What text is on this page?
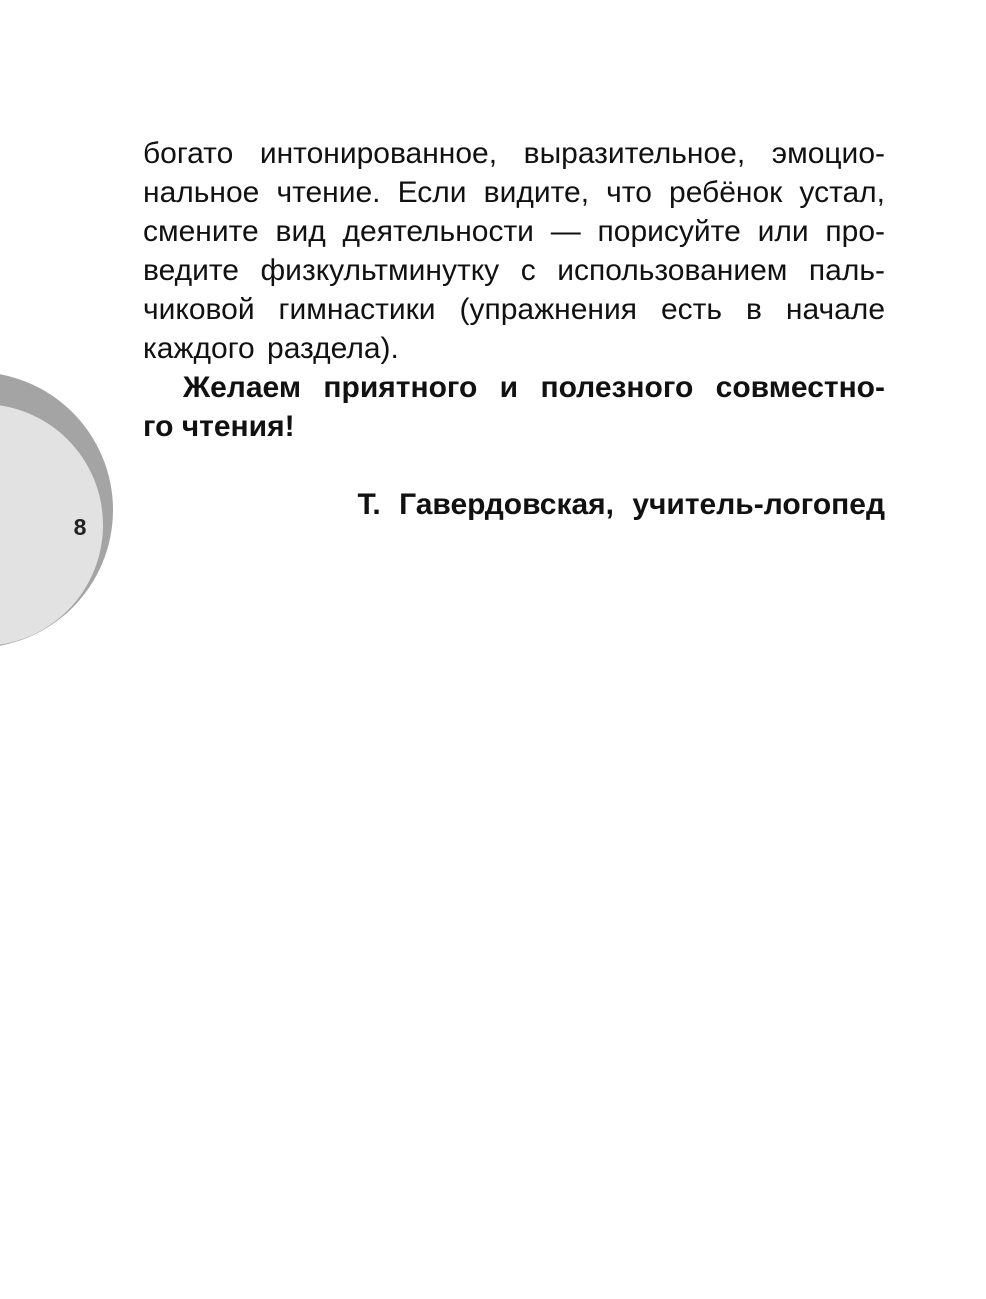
8
богато интонированное, выразительное, эмоцио-
нальное чтение. Если видите, что ребёнок устал,
смените вид деятельности — порисуйте или про-
ведите физкультминутку с использованием паль-
чиковой гимнастики (упражнения есть в начале
каждого раздела).
Желаем приятного и полезного совместно-
го чтения!
Т. Гавердовская, учитель-логопед
